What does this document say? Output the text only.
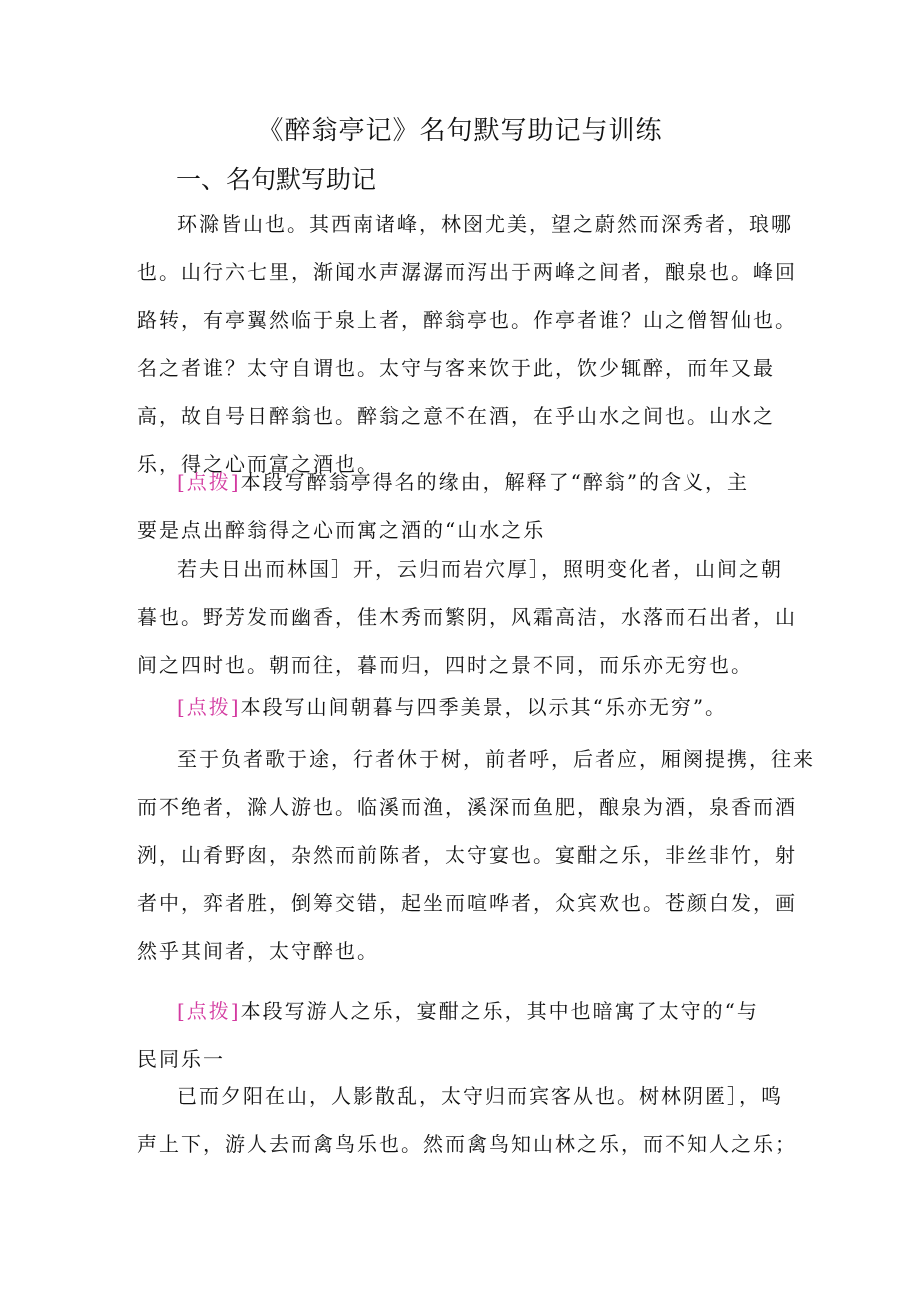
《醉翁亭记》名句默写助记与训练
一、名句默写助记
环滁皆山也。其西南诸峰，林囹尤美，望之蔚然而深秀者，琅哪
也。山行六七里，渐闻水声潺潺而泻出于两峰之间者，酿泉也。峰回
路转，有亭翼然临于泉上者，醉翁亭也。作亭者谁？山之僧智仙也。
名之者谁？太守自谓也。太守与客来饮于此，饮少辄醉，而年又最
高，故自号日醉翁也。醉翁之意不在酒，在乎山水之间也。山水之
乐，得之心而富之酒也。
[点拨]本段写醉翁亭得名的缘由，解释了“醉翁”的含义，主
要是点出醉翁得之心而寓之酒的“山水之乐
若夫日出而林国］开，云归而岩穴厚］，照明变化者，山间之朝
暮也。野芳发而幽香，佳木秀而繁阴，风霜高洁，水落而石出者，山
间之四时也。朝而往，暮而归，四时之景不同，而乐亦无穷也。
[点拨]本段写山间朝暮与四季美景，以示其“乐亦无穷”。
至于负者歌于途，行者休于树，前者呼，后者应，厢阕提携，往来
而不绝者，滁人游也。临溪而渔，溪深而鱼肥，酿泉为酒，泉香而酒
洌，山肴野囱，杂然而前陈者，太守宴也。宴酣之乐，非丝非竹，射
者中，弈者胜，倒筹交错，起坐而喧哗者，众宾欢也。苍颜白发，画
然乎其间者，太守醉也。
[点拨]本段写游人之乐，宴酣之乐，其中也暗寓了太守的“与
民同乐一
已而夕阳在山，人影散乱，太守归而宾客从也。树林阴匿］，鸣
声上下，游人去而禽鸟乐也。然而禽鸟知山林之乐，而不知人之乐；
